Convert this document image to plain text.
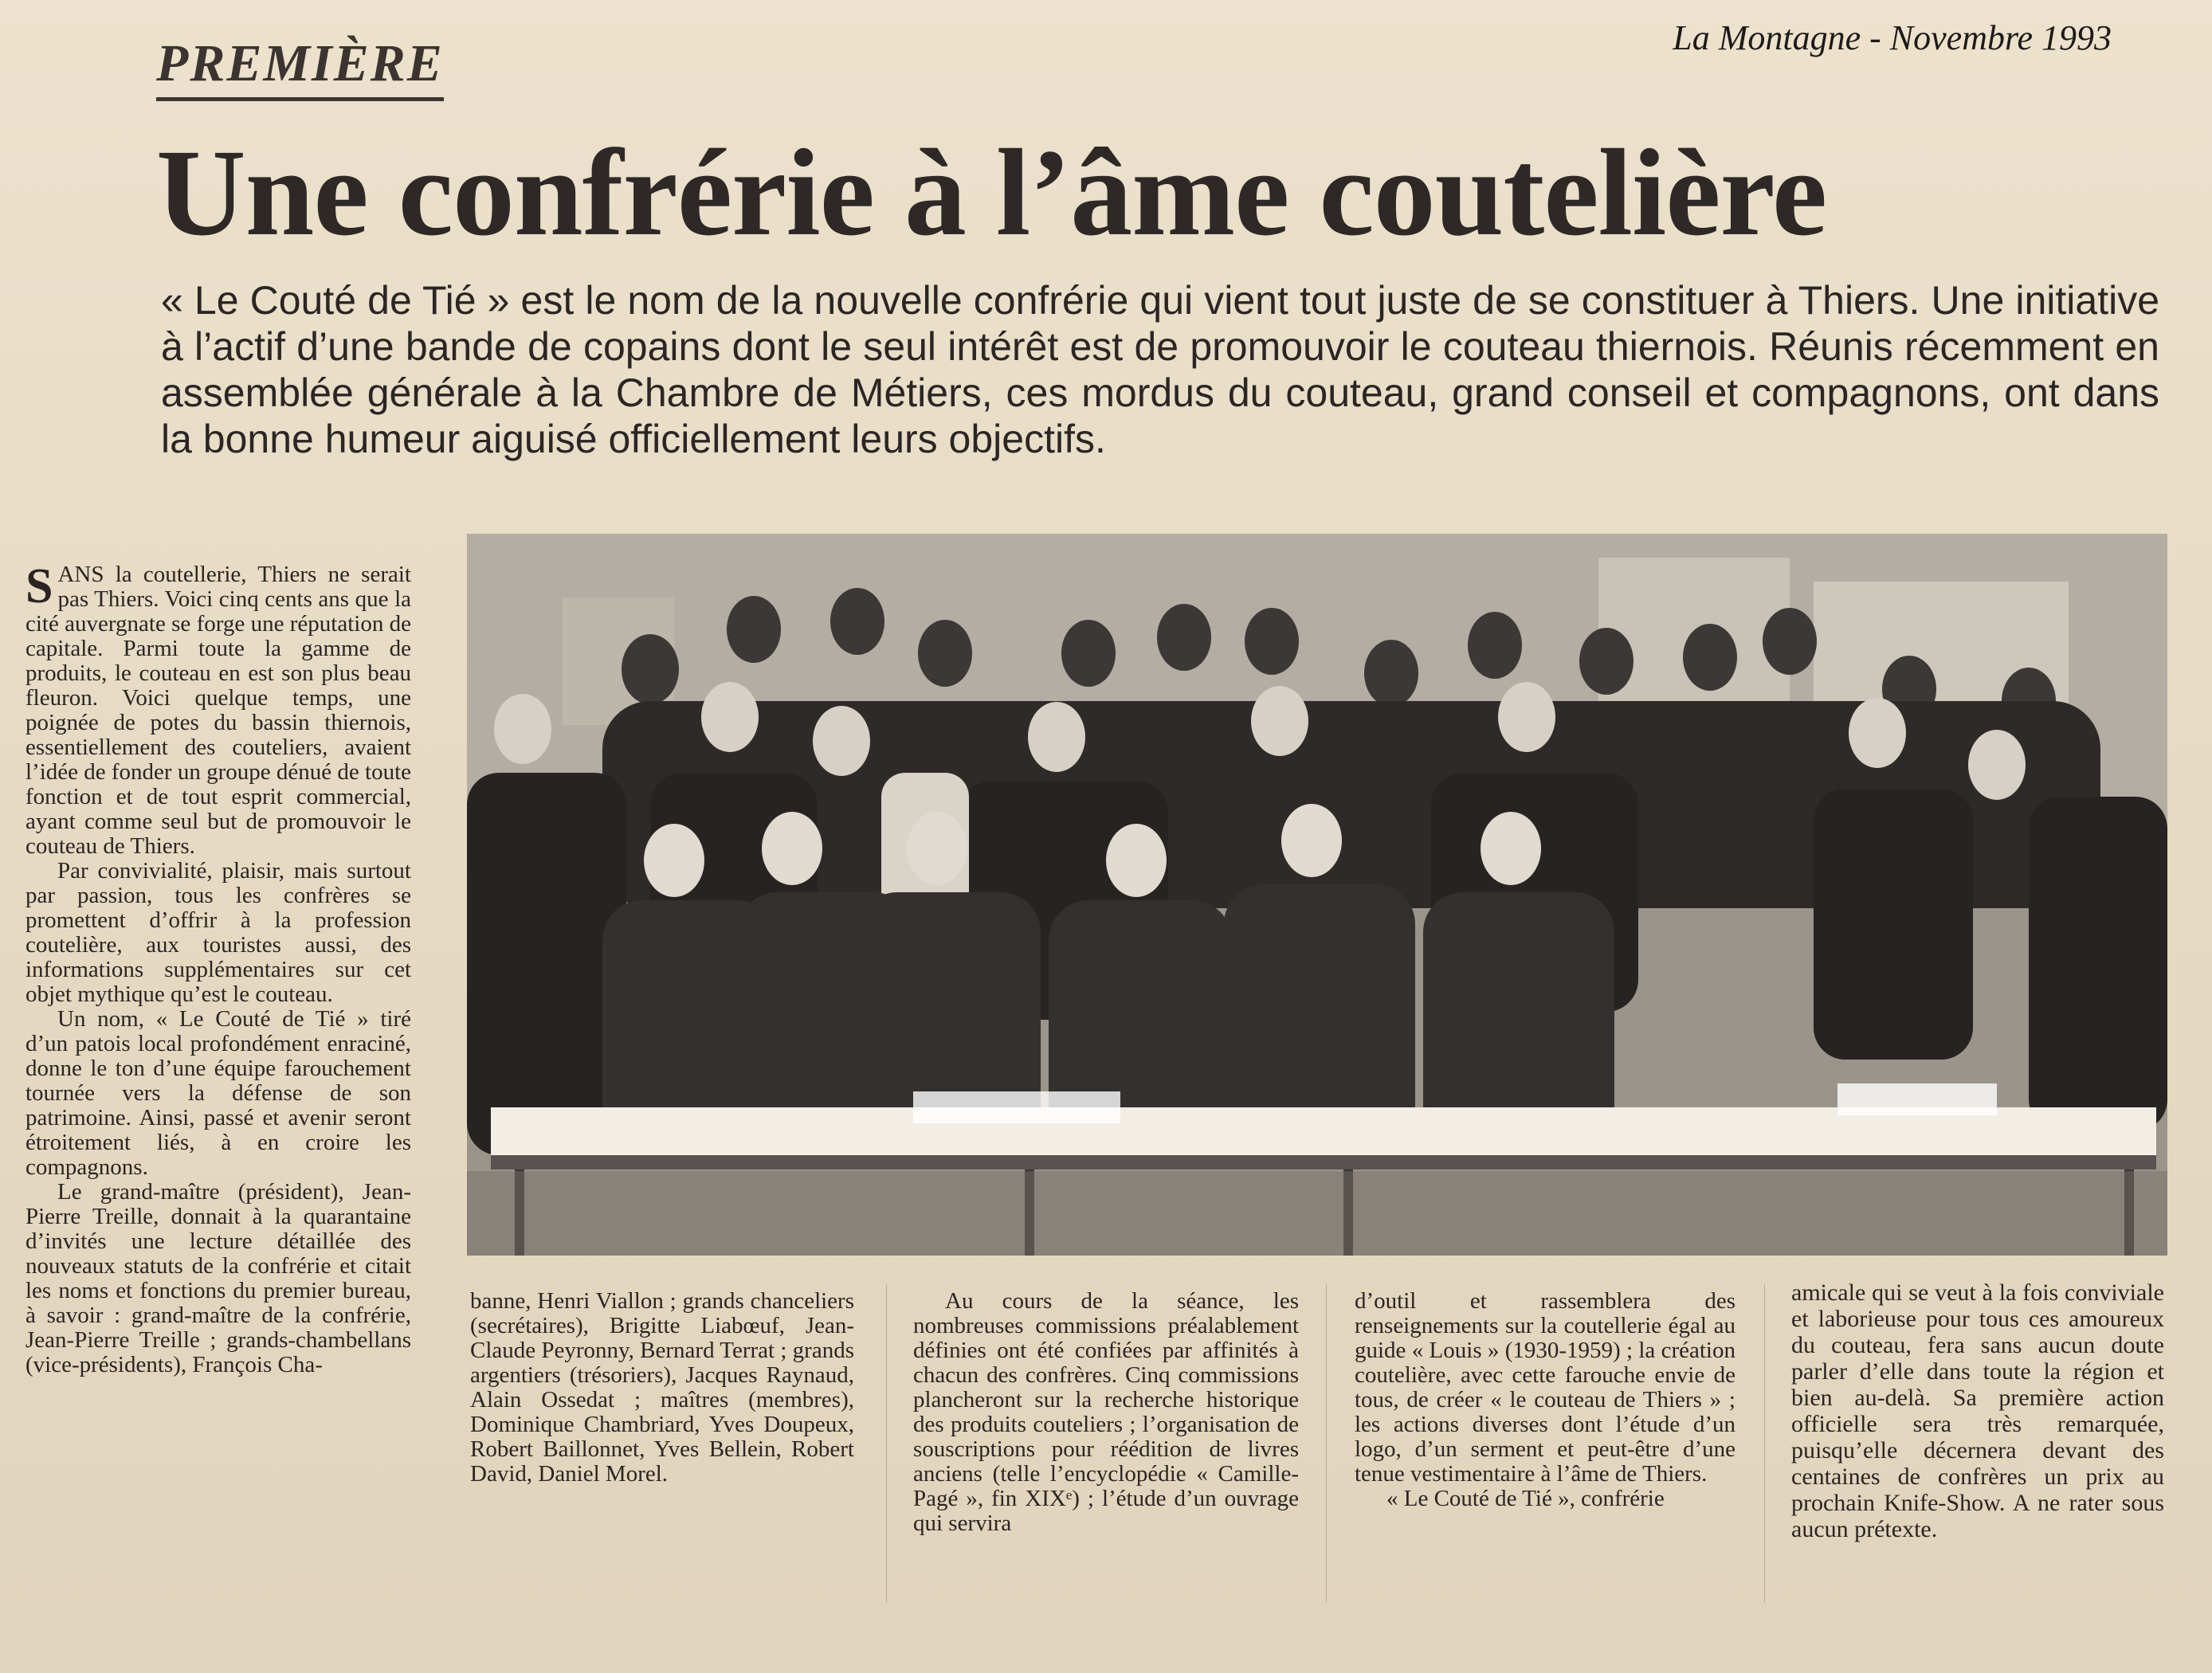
La Montagne - Novembre 1993
PREMIÈRE
Une confrérie à l’âme coutelière
« Le Couté de Tié » est le nom de la nouvelle confrérie qui vient tout juste de se constituer à Thiers. Une initiative à l’actif d’une bande de copains dont le seul intérêt est de promouvoir le couteau thiernois. Réunis récemment en assemblée générale à la Chambre de Métiers, ces mordus du couteau, grand conseil et compagnons, ont dans la bonne humeur aiguisé officiellement leurs objectifs.

SANS la coutellerie, Thiers ne serait pas Thiers. Voici cinq cents ans que la cité auvergnate se forge une réputation de capitale. Parmi toute la gamme de produits, le couteau en est son plus beau fleuron. Voici quelque temps, une poignée de potes du bassin thiernois, essentiellement des couteliers, avaient l’idée de fonder un groupe dénué de toute fonction et de tout esprit commercial, ayant comme seul but de promouvoir le couteau de Thiers.

Par convivialité, plaisir, mais surtout par passion, tous les confrères se promettent d’offrir à la profession coutelière, aux touristes aussi, des informations supplémentaires sur cet objet mythique qu’est le couteau.

Un nom, « Le Couté de Tié » tiré d’un patois local profondément enraciné, donne le ton d’une équipe farouchement tournée vers la défense de son patrimoine. Ainsi, passé et avenir seront étroitement liés, à en croire les compagnons.

Le grand-maître (président), Jean-Pierre Treille, donnait à la quarantaine d’invités une lecture détaillée des nouveaux statuts de la confrérie et citait les noms et fonctions du premier bureau, à savoir : grand-maître de la confrérie, Jean-Pierre Treille ; grands-chambellans (vice-présidents), François Cha-

banne, Henri Viallon ; grands chanceliers (secrétaires), Brigitte Liabœuf, Jean-Claude Peyronny, Bernard Terrat ; grands argentiers (trésoriers), Jacques Raynaud, Alain Ossedat ; maîtres (membres), Dominique Chambriard, Yves Doupeux, Robert Baillonnet, Yves Bellein, Robert David, Daniel Morel.

Au cours de la séance, les nombreuses commissions préalablement définies ont été confiées par affinités à chacun des confrères. Cinq commissions plancheront sur la recherche historique des produits couteliers ; l’organisation de souscriptions pour réédition de livres anciens (telle l’encyclopédie « Camille-Pagé », fin XIXᵉ) ; l’étude d’un ouvrage qui servira

d’outil et rassemblera des renseignements sur la coutellerie égal au guide « Louis » (1930-1959) ; la création coutelière, avec cette farouche envie de tous, de créer « le couteau de Thiers » ; les actions diverses dont l’étude d’un logo, d’un serment et peut-être d’une tenue vestimentaire à l’âme de Thiers.

« Le Couté de Tié », confrérie

amicale qui se veut à la fois conviviale et laborieuse pour tous ces amoureux du couteau, fera sans aucun doute parler d’elle dans toute la région et bien au-delà. Sa première action officielle sera très remarquée, puisqu’elle décernera devant des centaines de confrères un prix au prochain Knife-Show. A ne rater sous aucun prétexte.
